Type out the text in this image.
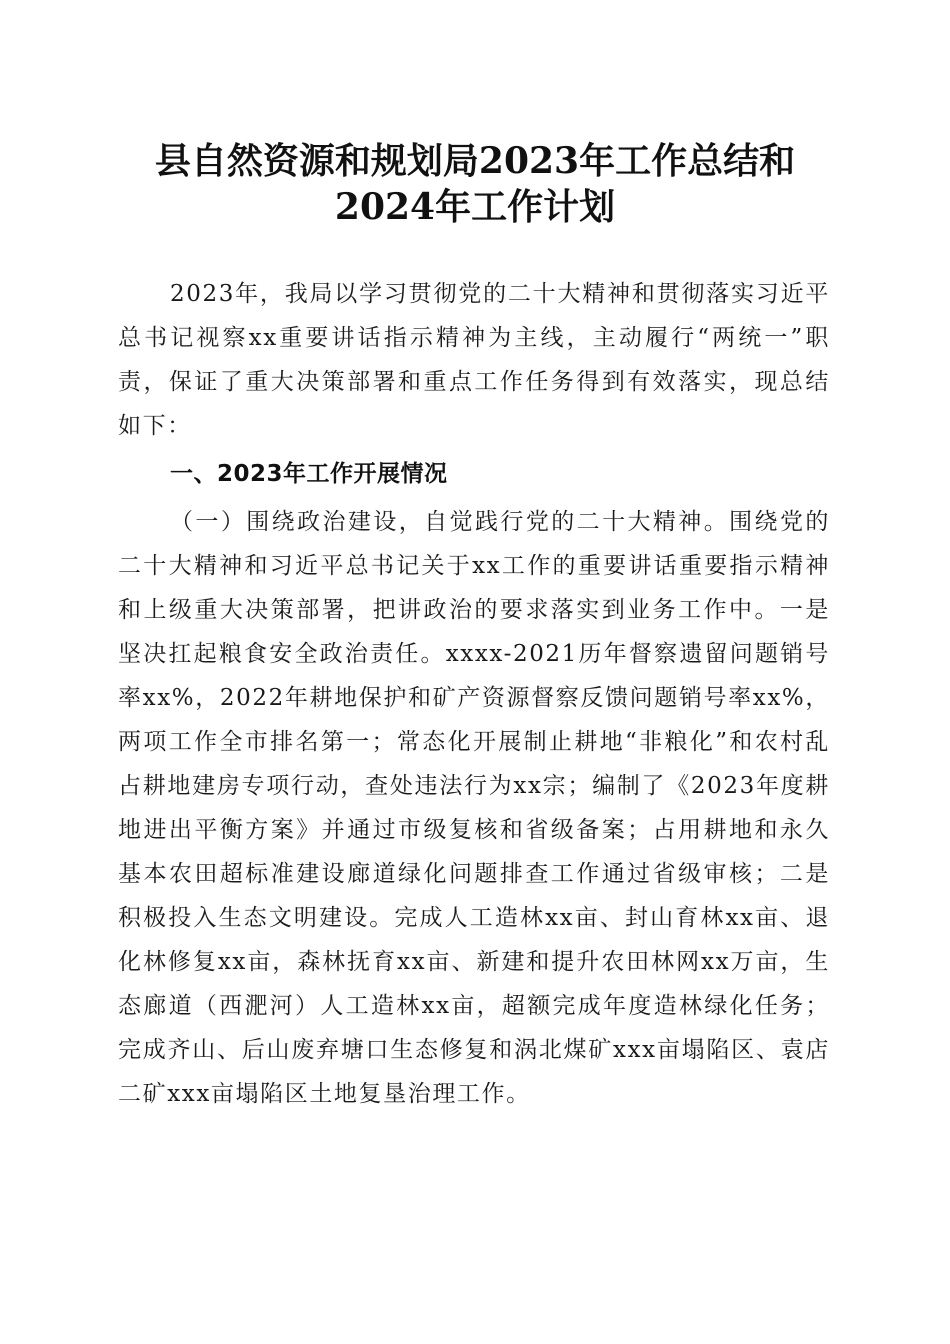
县自然资源和规划局2023年工作总结和2024年工作计划

2023年，我局以学习贯彻党的二十大精神和贯彻落实习近平总书记视察xx重要讲话指示精神为主线，主动履行“两统一”职责，保证了重大决策部署和重点工作任务得到有效落实，现总结如下：

一、2023年工作开展情况

（一）围绕政治建设，自觉践行党的二十大精神。围绕党的二十大精神和习近平总书记关于xx工作的重要讲话重要指示精神和上级重大决策部署，把讲政治的要求落实到业务工作中。一是坚决扛起粮食安全政治责任。xxxx-2021历年督察遗留问题销号率xx%，2022年耕地保护和矿产资源督察反馈问题销号率xx%，两项工作全市排名第一；常态化开展制止耕地“非粮化”和农村乱占耕地建房专项行动，查处违法行为xx宗；编制了《2023年度耕地进出平衡方案》并通过市级复核和省级备案；占用耕地和永久基本农田超标准建设廊道绿化问题排查工作通过省级审核；二是积极投入生态文明建设。完成人工造林xx亩、封山育林xx亩、退化林修复xx亩，森林抚育xx亩、新建和提升农田林网xx万亩，生态廊道（西淝河）人工造林xx亩，超额完成年度造林绿化任务；完成齐山、后山废弃塘口生态修复和涡北煤矿xxx亩塌陷区、袁店二矿xxx亩塌陷区土地复垦治理工作。
